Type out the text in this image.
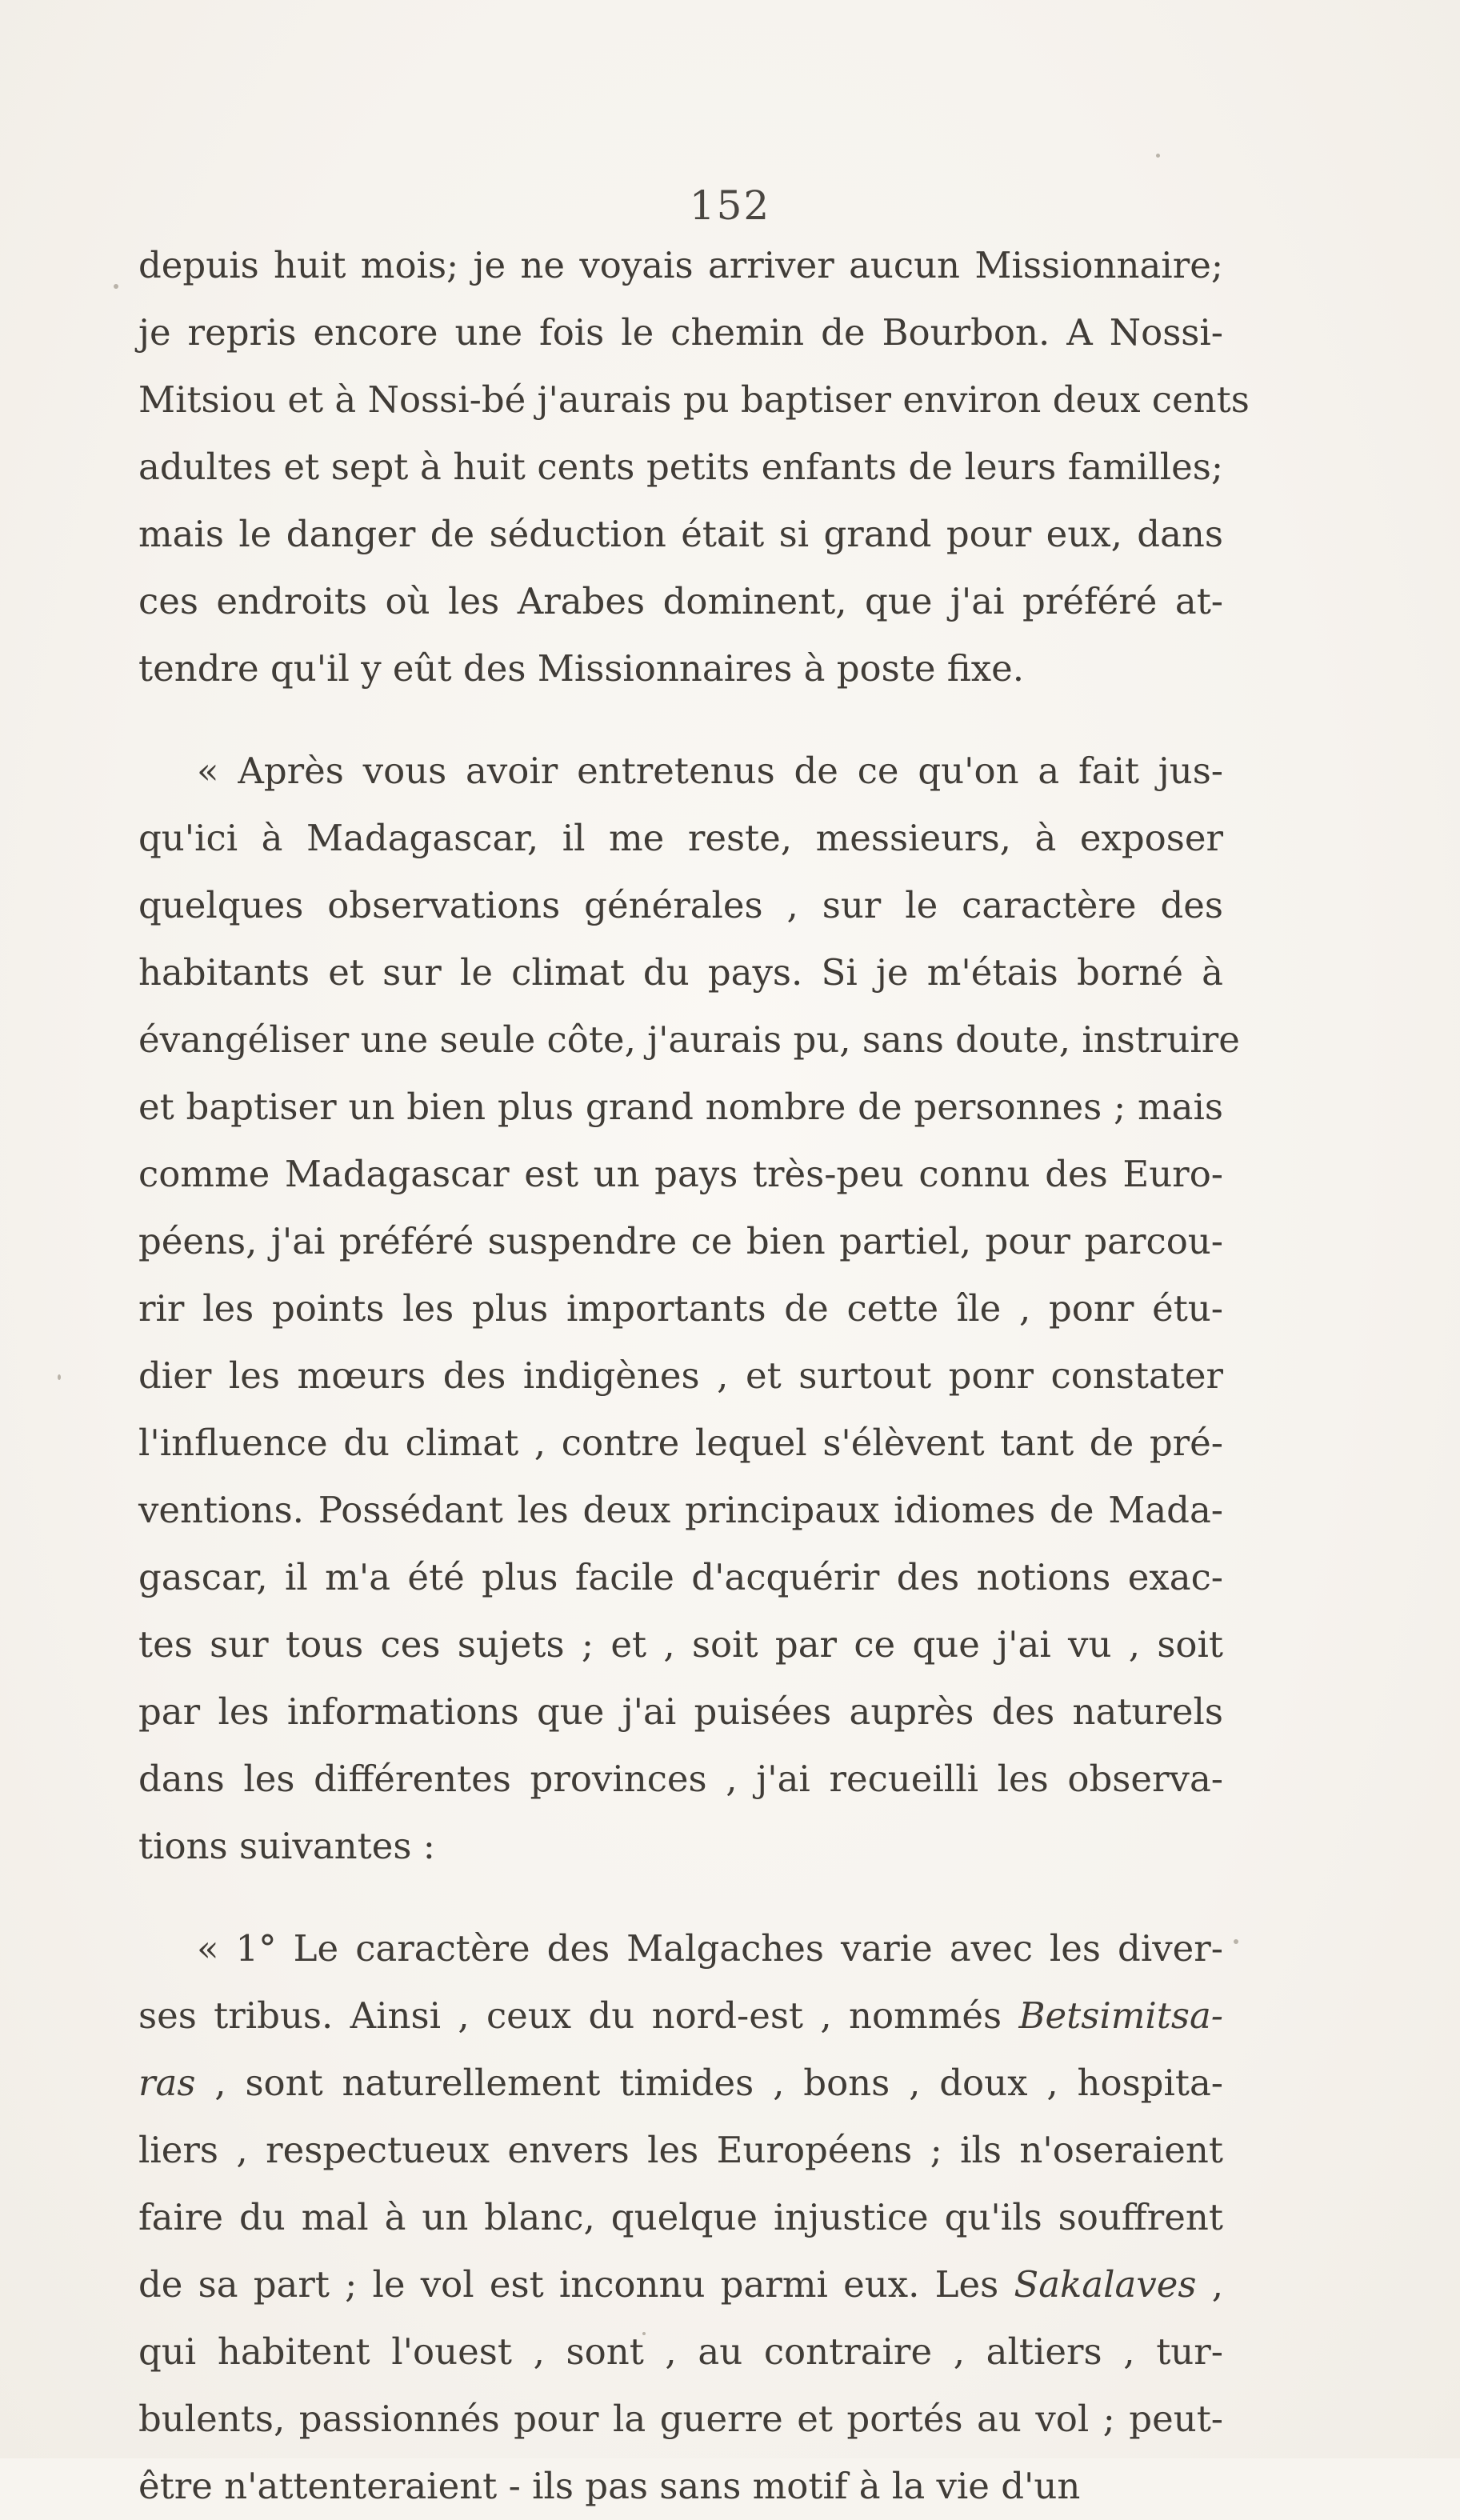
152
depuis huit mois; je ne voyais arriver aucun Missionnaire;
je repris encore une fois le chemin de Bourbon. A Nossi-
Mitsiou et à Nossi-bé j'aurais pu baptiser environ deux cents
adultes et sept à huit cents petits enfants de leurs familles;
mais le danger de séduction était si grand pour eux, dans
ces endroits où les Arabes dominent, que j'ai préféré at-
tendre qu'il y eût des Missionnaires à poste fixe.
« Après vous avoir entretenus de ce qu'on a fait jus-
qu'ici à Madagascar, il me reste, messieurs, à exposer
quelques observations générales , sur le caractère des
habitants et sur le climat du pays. Si je m'étais borné à
évangéliser une seule côte, j'aurais pu, sans doute, instruire
et baptiser un bien plus grand nombre de personnes ; mais
comme Madagascar est un pays très-peu connu des Euro-
péens, j'ai préféré suspendre ce bien partiel, pour parcou-
rir les points les plus importants de cette île , ponr étu-
dier les mœurs des indigènes , et surtout ponr constater
l'influence du climat , contre lequel s'élèvent tant de pré-
ventions. Possédant les deux principaux idiomes de Mada-
gascar, il m'a été plus facile d'acquérir des notions exac-
tes sur tous ces sujets ; et , soit par ce que j'ai vu , soit
par les informations que j'ai puisées auprès des naturels
dans les différentes provinces , j'ai recueilli les observa-
tions suivantes :
« 1° Le caractère des Malgaches varie avec les diver-
ses tribus. Ainsi , ceux du nord-est , nommés Betsimitsa-
ras , sont naturellement timides , bons , doux , hospita-
liers , respectueux envers les Européens ; ils n'oseraient
faire du mal à un blanc, quelque injustice qu'ils souffrent
de sa part ; le vol est inconnu parmi eux. Les Sakalaves ,
qui habitent l'ouest , sont , au contraire , altiers , tur-
bulents, passionnés pour la guerre et portés au vol ; peut-
être n'attenteraient - ils pas sans motif à la vie d'un
